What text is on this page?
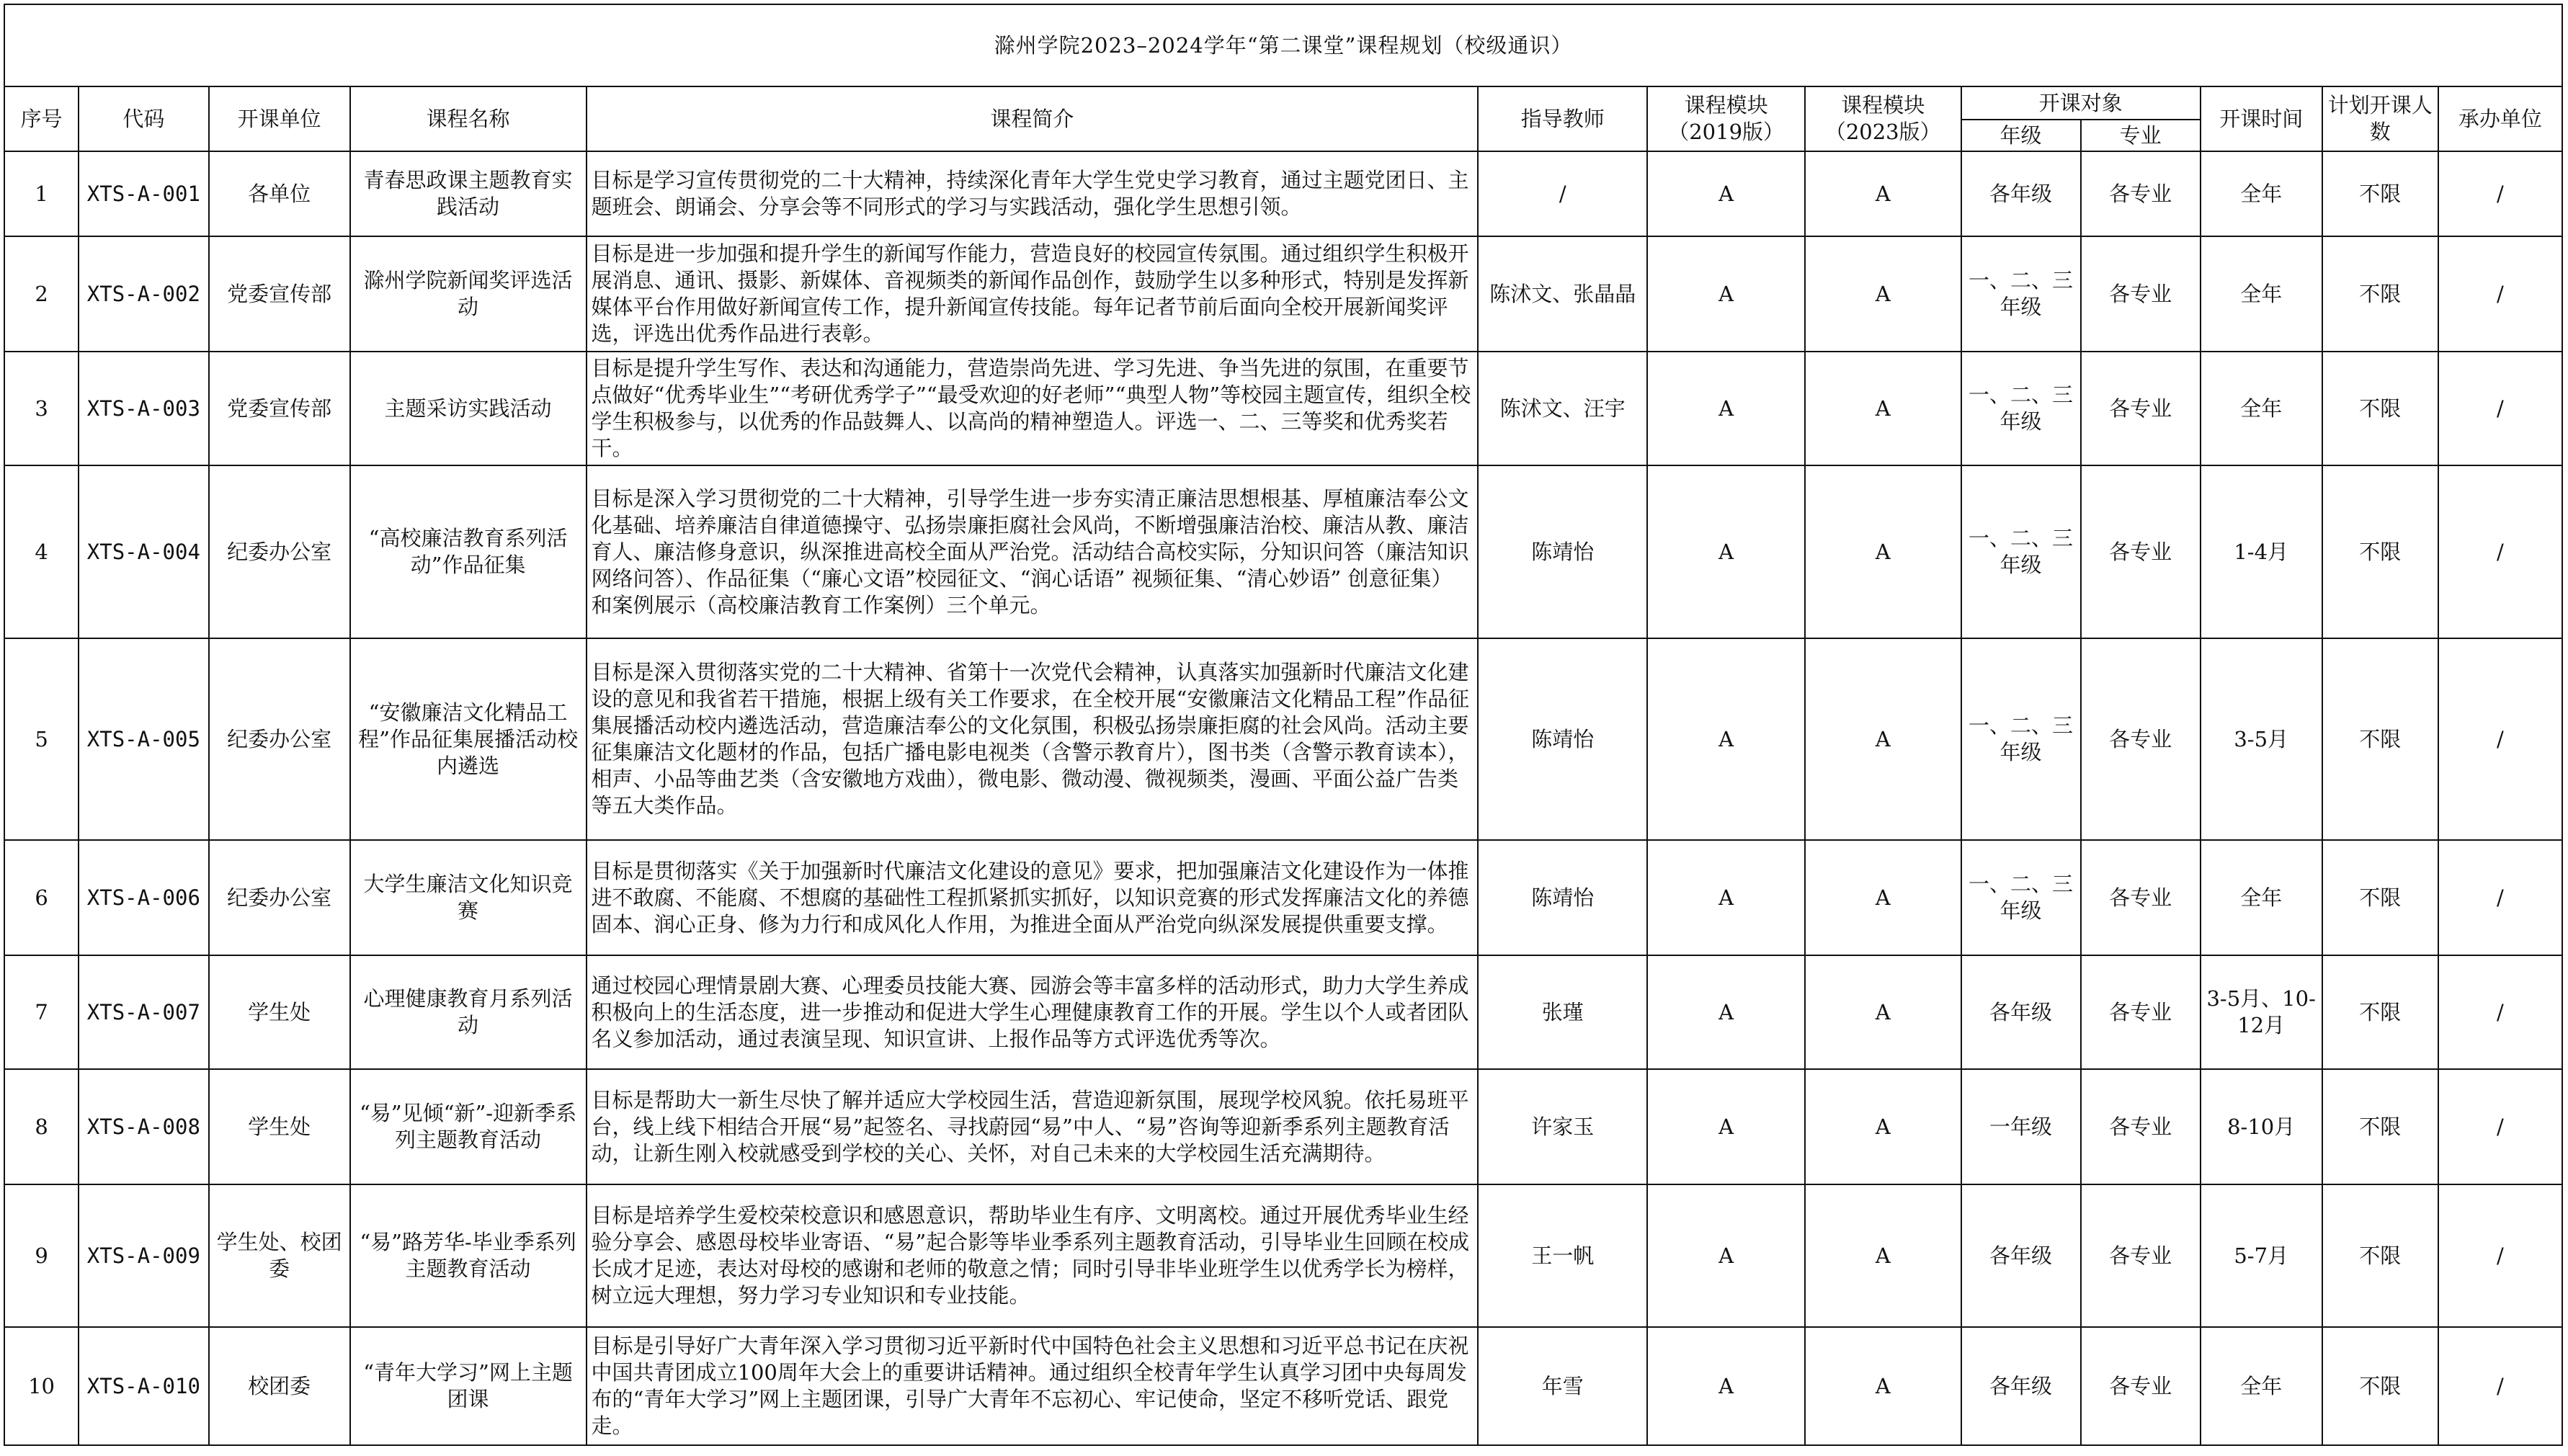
滁州学院2023–2024学年“第二课堂”课程规划（校级通识）												
序号	代码	开课单位	课程名称	课程简介	指导教师	课程模块（2019版）	课程模块（2023版）	开课对象		开课时间	计划开课人数	承办单位
								年级	专业			
1	XTS-A-001	各单位	青春思政课主题教育实践活动	目标是学习宣传贯彻党的二十大精神，持续深化青年大学生党史学习教育，通过主题党团日、主题班会、朗诵会、分享会等不同形式的学习与实践活动，强化学生思想引领。	/	A	A	各年级	各专业	全年	不限	/
2	XTS-A-002	党委宣传部	滁州学院新闻奖评选活动	目标是进一步加强和提升学生的新闻写作能力，营造良好的校园宣传氛围。通过组织学生积极开展消息、通讯、摄影、新媒体、音视频类的新闻作品创作，鼓励学生以多种形式，特别是发挥新媒体平台作用做好新闻宣传工作，提升新闻宣传技能。每年记者节前后面向全校开展新闻奖评选，评选出优秀作品进行表彰。	陈沭文、张晶晶	A	A	一、二、三年级	各专业	全年	不限	/
3	XTS-A-003	党委宣传部	主题采访实践活动	目标是提升学生写作、表达和沟通能力，营造崇尚先进、学习先进、争当先进的氛围，在重要节点做好“优秀毕业生”“考研优秀学子”“最受欢迎的好老师”“典型人物”等校园主题宣传，组织全校学生积极参与，以优秀的作品鼓舞人、以高尚的精神塑造人。评选一、二、三等奖和优秀奖若干。	陈沭文、汪宇	A	A	一、二、三年级	各专业	全年	不限	/
4	XTS-A-004	纪委办公室	“高校廉洁教育系列活动”作品征集	目标是深入学习贯彻党的二十大精神，引导学生进一步夯实清正廉洁思想根基、厚植廉洁奉公文化基础、培养廉洁自律道德操守、弘扬崇廉拒腐社会风尚，不断增强廉洁治校、廉洁从教、廉洁育人、廉洁修身意识，纵深推进高校全面从严治党。活动结合高校实际，分知识问答（廉洁知识网络问答）、作品征集（“廉心文语”校园征文、“润心话语” 视频征集、“清心妙语” 创意征集）和案例展示（高校廉洁教育工作案例）三个单元。	陈靖怡	A	A	一、二、三年级	各专业	1-4月	不限	/
5	XTS-A-005	纪委办公室	“安徽廉洁文化精品工程”作品征集展播活动校内遴选	目标是深入贯彻落实党的二十大精神、省第十一次党代会精神，认真落实加强新时代廉洁文化建设的意见和我省若干措施，根据上级有关工作要求，在全校开展“安徽廉洁文化精品工程”作品征集展播活动校内遴选活动，营造廉洁奉公的文化氛围，积极弘扬崇廉拒腐的社会风尚。活动主要征集廉洁文化题材的作品，包括广播电影电视类（含警示教育片），图书类（含警示教育读本），相声、小品等曲艺类（含安徽地方戏曲），微电影、微动漫、微视频类，漫画、平面公益广告类等五大类作品。	陈靖怡	A	A	一、二、三年级	各专业	3-5月	不限	/
6	XTS-A-006	纪委办公室	大学生廉洁文化知识竞赛	目标是贯彻落实《关于加强新时代廉洁文化建设的意见》要求，把加强廉洁文化建设作为一体推进不敢腐、不能腐、不想腐的基础性工程抓紧抓实抓好，以知识竞赛的形式发挥廉洁文化的养德固本、润心正身、修为力行和成风化人作用，为推进全面从严治党向纵深发展提供重要支撑。	陈靖怡	A	A	一、二、三年级	各专业	全年	不限	/
7	XTS-A-007	学生处	心理健康教育月系列活动	通过校园心理情景剧大赛、心理委员技能大赛、园游会等丰富多样的活动形式，助力大学生养成积极向上的生活态度，进一步推动和促进大学生心理健康教育工作的开展。学生以个人或者团队名义参加活动，通过表演呈现、知识宣讲、上报作品等方式评选优秀等次。	张瑾	A	A	各年级	各专业	3-5月、10-12月	不限	/
8	XTS-A-008	学生处	“易”见倾“新”-迎新季系列主题教育活动	目标是帮助大一新生尽快了解并适应大学校园生活，营造迎新氛围，展现学校风貌。依托易班平台，线上线下相结合开展“易”起签名、寻找蔚园“易”中人、“易”咨询等迎新季系列主题教育活动，让新生刚入校就感受到学校的关心、关怀，对自己未来的大学校园生活充满期待。	许家玉	A	A	一年级	各专业	8-10月	不限	/
9	XTS-A-009	学生处、校团委	“易”路芳华-毕业季系列主题教育活动	目标是培养学生爱校荣校意识和感恩意识，帮助毕业生有序、文明离校。通过开展优秀毕业生经验分享会、感恩母校毕业寄语、“易”起合影等毕业季系列主题教育活动，引导毕业生回顾在校成长成才足迹，表达对母校的感谢和老师的敬意之情；同时引导非毕业班学生以优秀学长为榜样，树立远大理想，努力学习专业知识和专业技能。	王一帆	A	A	各年级	各专业	5-7月	不限	/
10	XTS-A-010	校团委	“青年大学习”网上主题团课	目标是引导好广大青年深入学习贯彻习近平新时代中国特色社会主义思想和习近平总书记在庆祝中国共青团成立100周年大会上的重要讲话精神。通过组织全校青年学生认真学习团中央每周发布的“青年大学习”网上主题团课，引导广大青年不忘初心、牢记使命，坚定不移听党话、跟党走。	年雪	A	A	各年级	各专业	全年	不限	/
